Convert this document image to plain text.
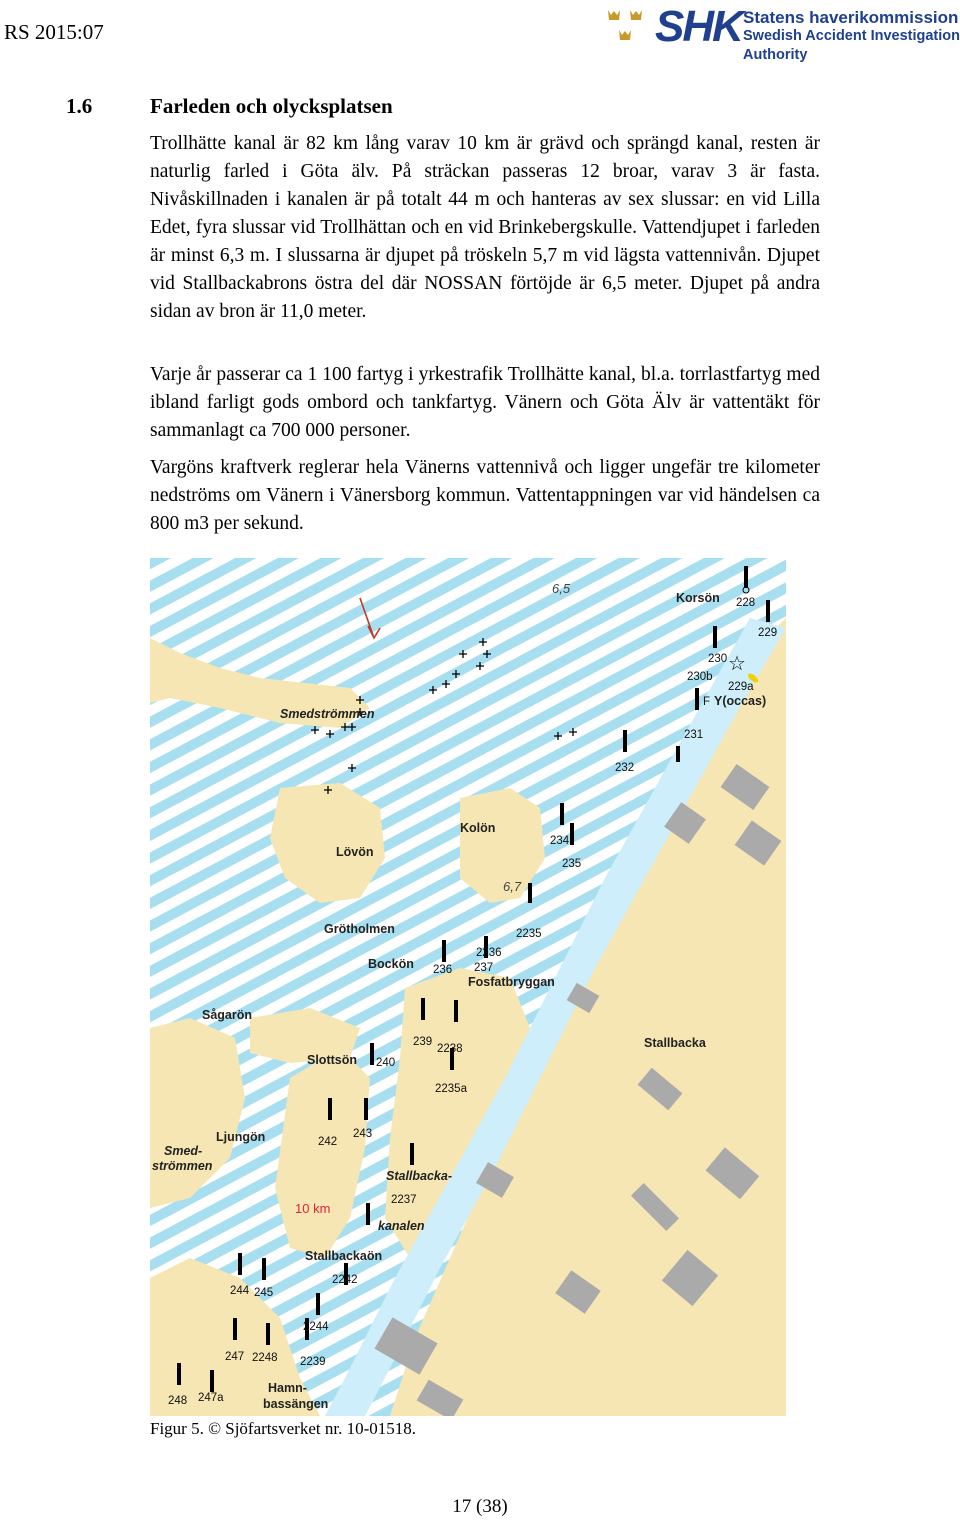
RS 2015:07	SHK Statens haverikommission
Swedish Accident Investigation Authority
1.6	Farleden och olycksplatsen

Trollhätte kanal är 82 km lång varav 10 km är grävd och sprängd kanal, resten är naturlig farled i Göta älv. På sträckan passeras 12 broar, varav 3 är fasta. Nivåskillnaden i kanalen är på totalt 44 m och hanteras av sex slussar: en vid Lilla Edet, fyra slussar vid Trollhättan och en vid Brinkebergskulle. Vattendjupet i farleden är minst 6,3 m. I slussarna är djupet på tröskeln 5,7 m vid lägsta vattennivån. Djupet vid Stallbackabrons östra del där NOSSAN förtöjde är 6,5 meter. Djupet på andra sidan av bron är 11,0 meter.

Varje år passerar ca 1 100 fartyg i yrkestrafik Trollhätte kanal, bl.a. torrlastfartyg med ibland farligt gods ombord och tankfartyg. Vänern och Göta Älv är vattentäkt för sammanlagt ca 700 000 personer.

Vargöns kraftverk reglerar hela Vänerns vattennivå och ligger ungefär tre kilometer nedströms om Vänern i Vänersborg kommun. Vattentappningen var vid händelsen ca 800 m3 per sekund.

☆
6,5
6,7
Korsön
Smedströmmen
Kolön
Lövön
Grötholmen
Bockön
Fosfatbryggan
Stallbacka
Sågarön
Slottsön
Ljungön
Smed-
strömmen
Stallbacka-
kanalen
Stallbackaön
Hamn-
bassängen
Y(occas)
10 km
228
229
230
230b
229a
F
231
232
234
235
2235
236
2236
237
239
2238
240
2235a
242
243
2237
244 245
2242
247 2248
2244
2239
248 247a
Figur 5. © Sjöfartsverket nr. 10-01518.
17 (38)
